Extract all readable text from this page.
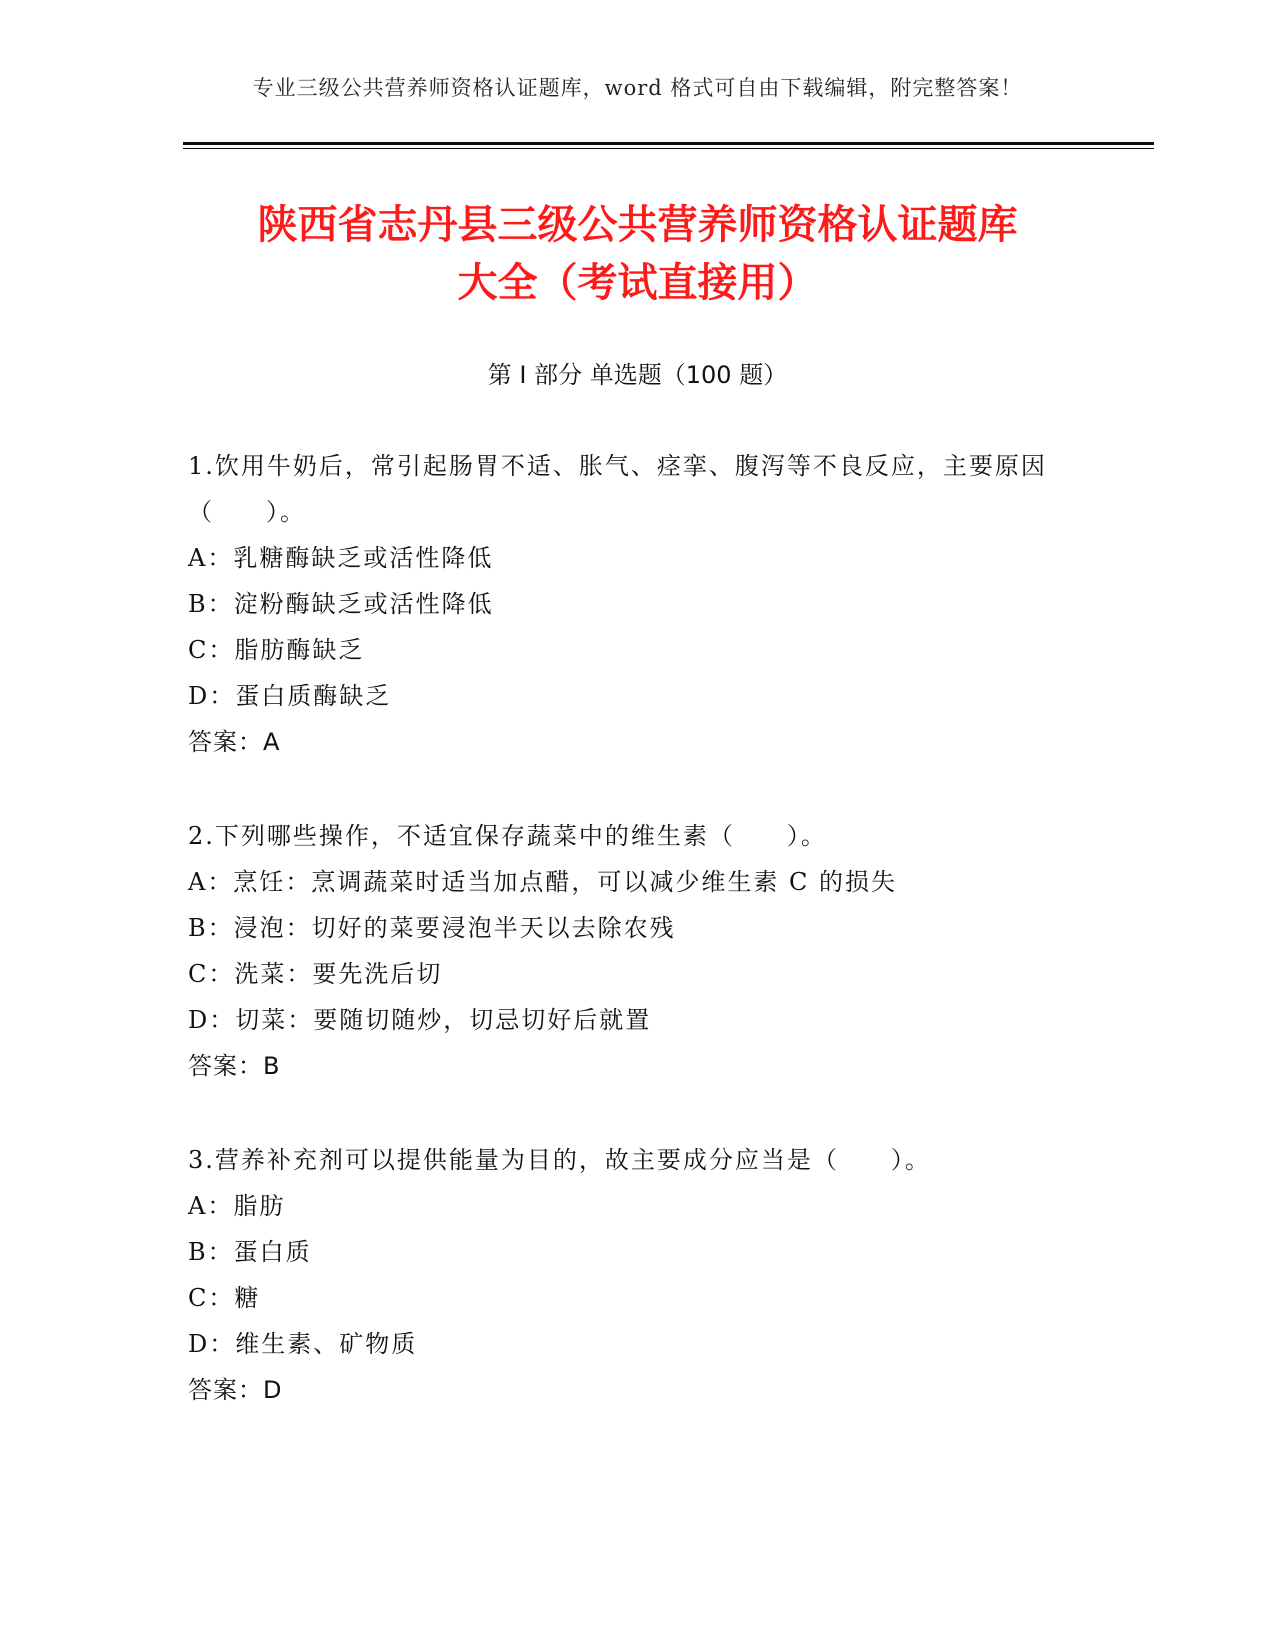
专业三级公共营养师资格认证题库，word 格式可自由下载编辑，附完整答案！
陕西省志丹县三级公共营养师资格认证题库
大全（考试直接用）
第 I 部分 单选题（100 题）
1.饮用牛奶后，常引起肠胃不适、胀气、痉挛、腹泻等不良反应，主要原因（　　）。
A：乳糖酶缺乏或活性降低
B：淀粉酶缺乏或活性降低
C：脂肪酶缺乏
D：蛋白质酶缺乏
答案：A
2.下列哪些操作，不适宜保存蔬菜中的维生素（　　）。
A：烹饪：烹调蔬菜时适当加点醋，可以减少维生素 C 的损失
B：浸泡：切好的菜要浸泡半天以去除农残
C：洗菜：要先洗后切
D：切菜：要随切随炒，切忌切好后就置
答案：B
3.营养补充剂可以提供能量为目的，故主要成分应当是（　　）。
A：脂肪
B：蛋白质
C：糖
D：维生素、矿物质
答案：D
